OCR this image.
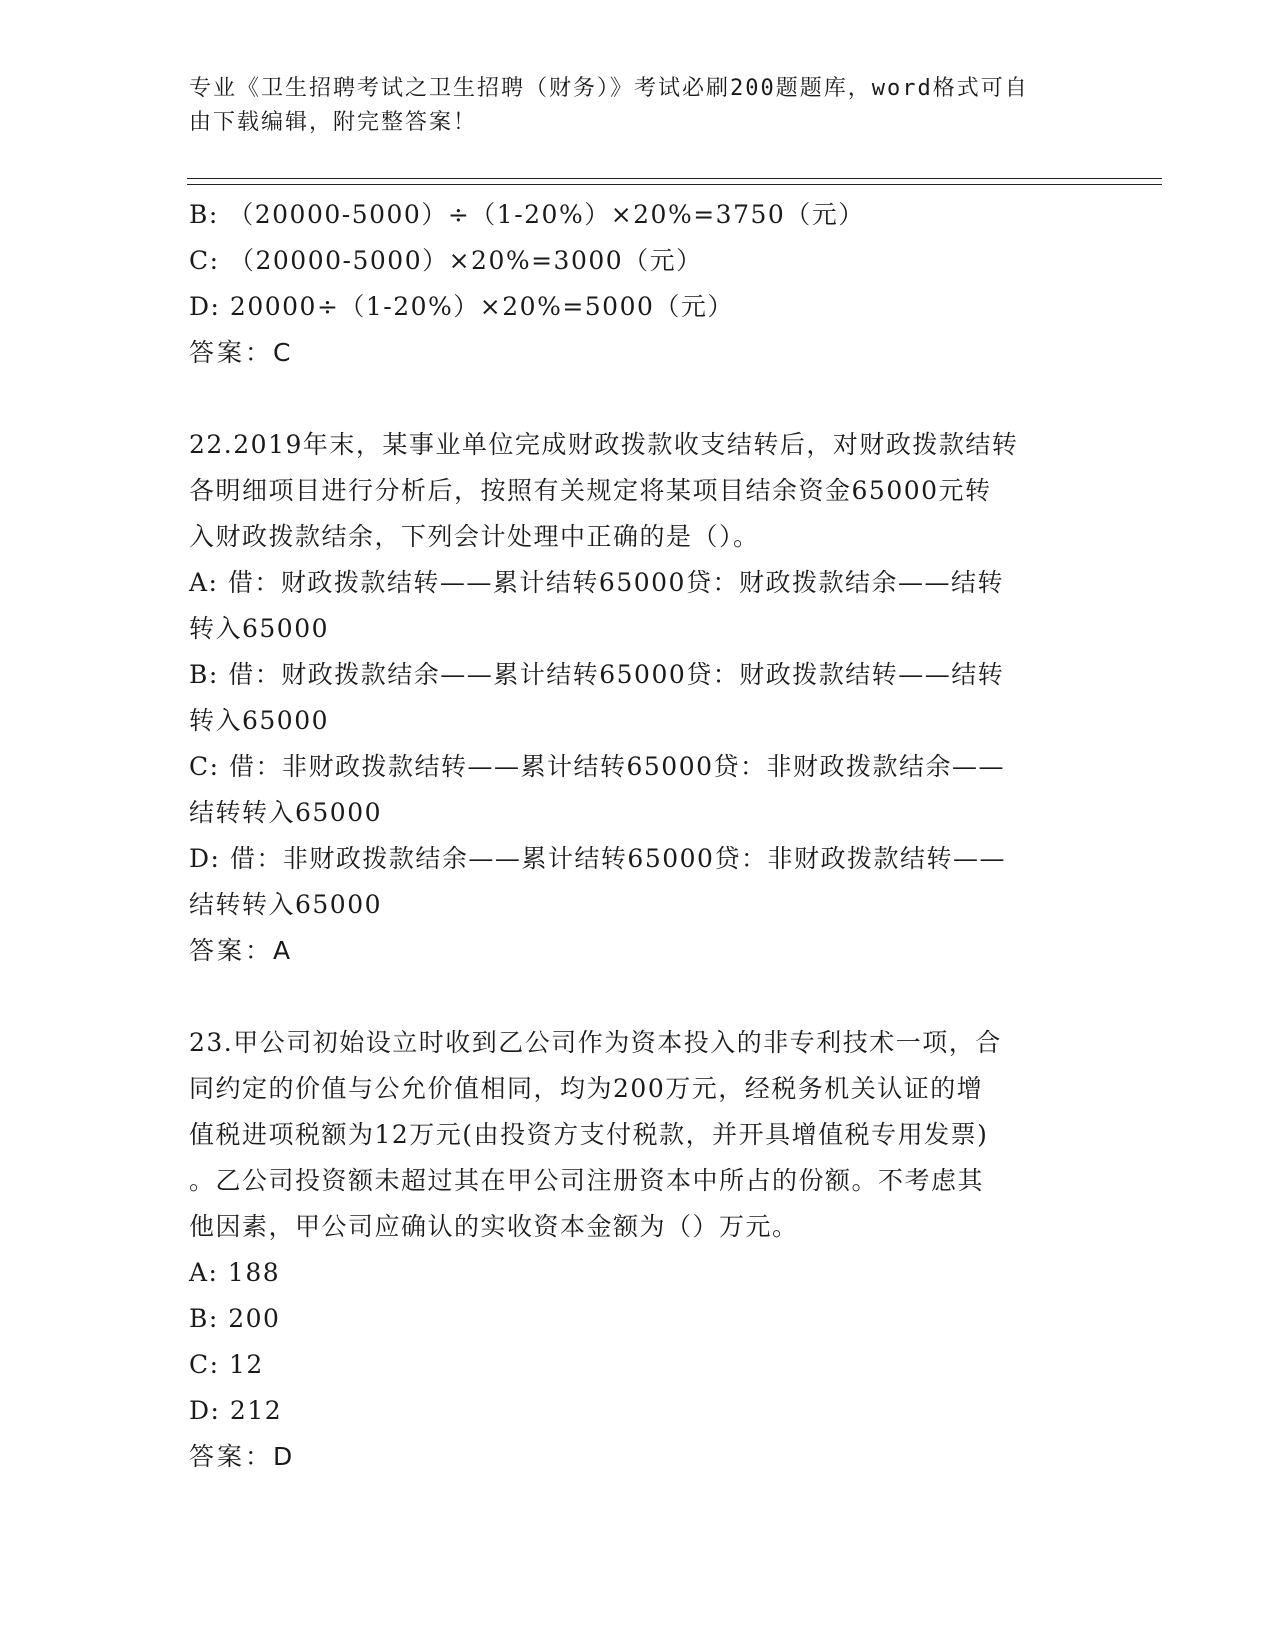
专业《卫生招聘考试之卫生招聘（财务）》考试必刷200题题库，word格式可自
由下载编辑，附完整答案！
B: （20000-5000）÷（1-20%）×20%=3750（元）
C: （20000-5000）×20%=3000（元）
D: 20000÷（1-20%）×20%=5000（元）
答案：C
22.2019年末，某事业单位完成财政拨款收支结转后，对财政拨款结转
各明细项目进行分析后，按照有关规定将某项目结余资金65000元转
入财政拨款结余，下列会计处理中正确的是（）。
A: 借：财政拨款结转——累计结转65000贷：财政拨款结余——结转
转入65000
B: 借：财政拨款结余——累计结转65000贷：财政拨款结转——结转
转入65000
C: 借：非财政拨款结转——累计结转65000贷：非财政拨款结余——
结转转入65000
D: 借：非财政拨款结余——累计结转65000贷：非财政拨款结转——
结转转入65000
答案：A
23.甲公司初始设立时收到乙公司作为资本投入的非专利技术一项，合
同约定的价值与公允价值相同，均为200万元，经税务机关认证的增
值税进项税额为12万元(由投资方支付税款，并开具增值税专用发票)
。乙公司投资额未超过其在甲公司注册资本中所占的份额。不考虑其
他因素，甲公司应确认的实收资本金额为（）万元。
A: 188
B: 200
C: 12
D: 212
答案：D
